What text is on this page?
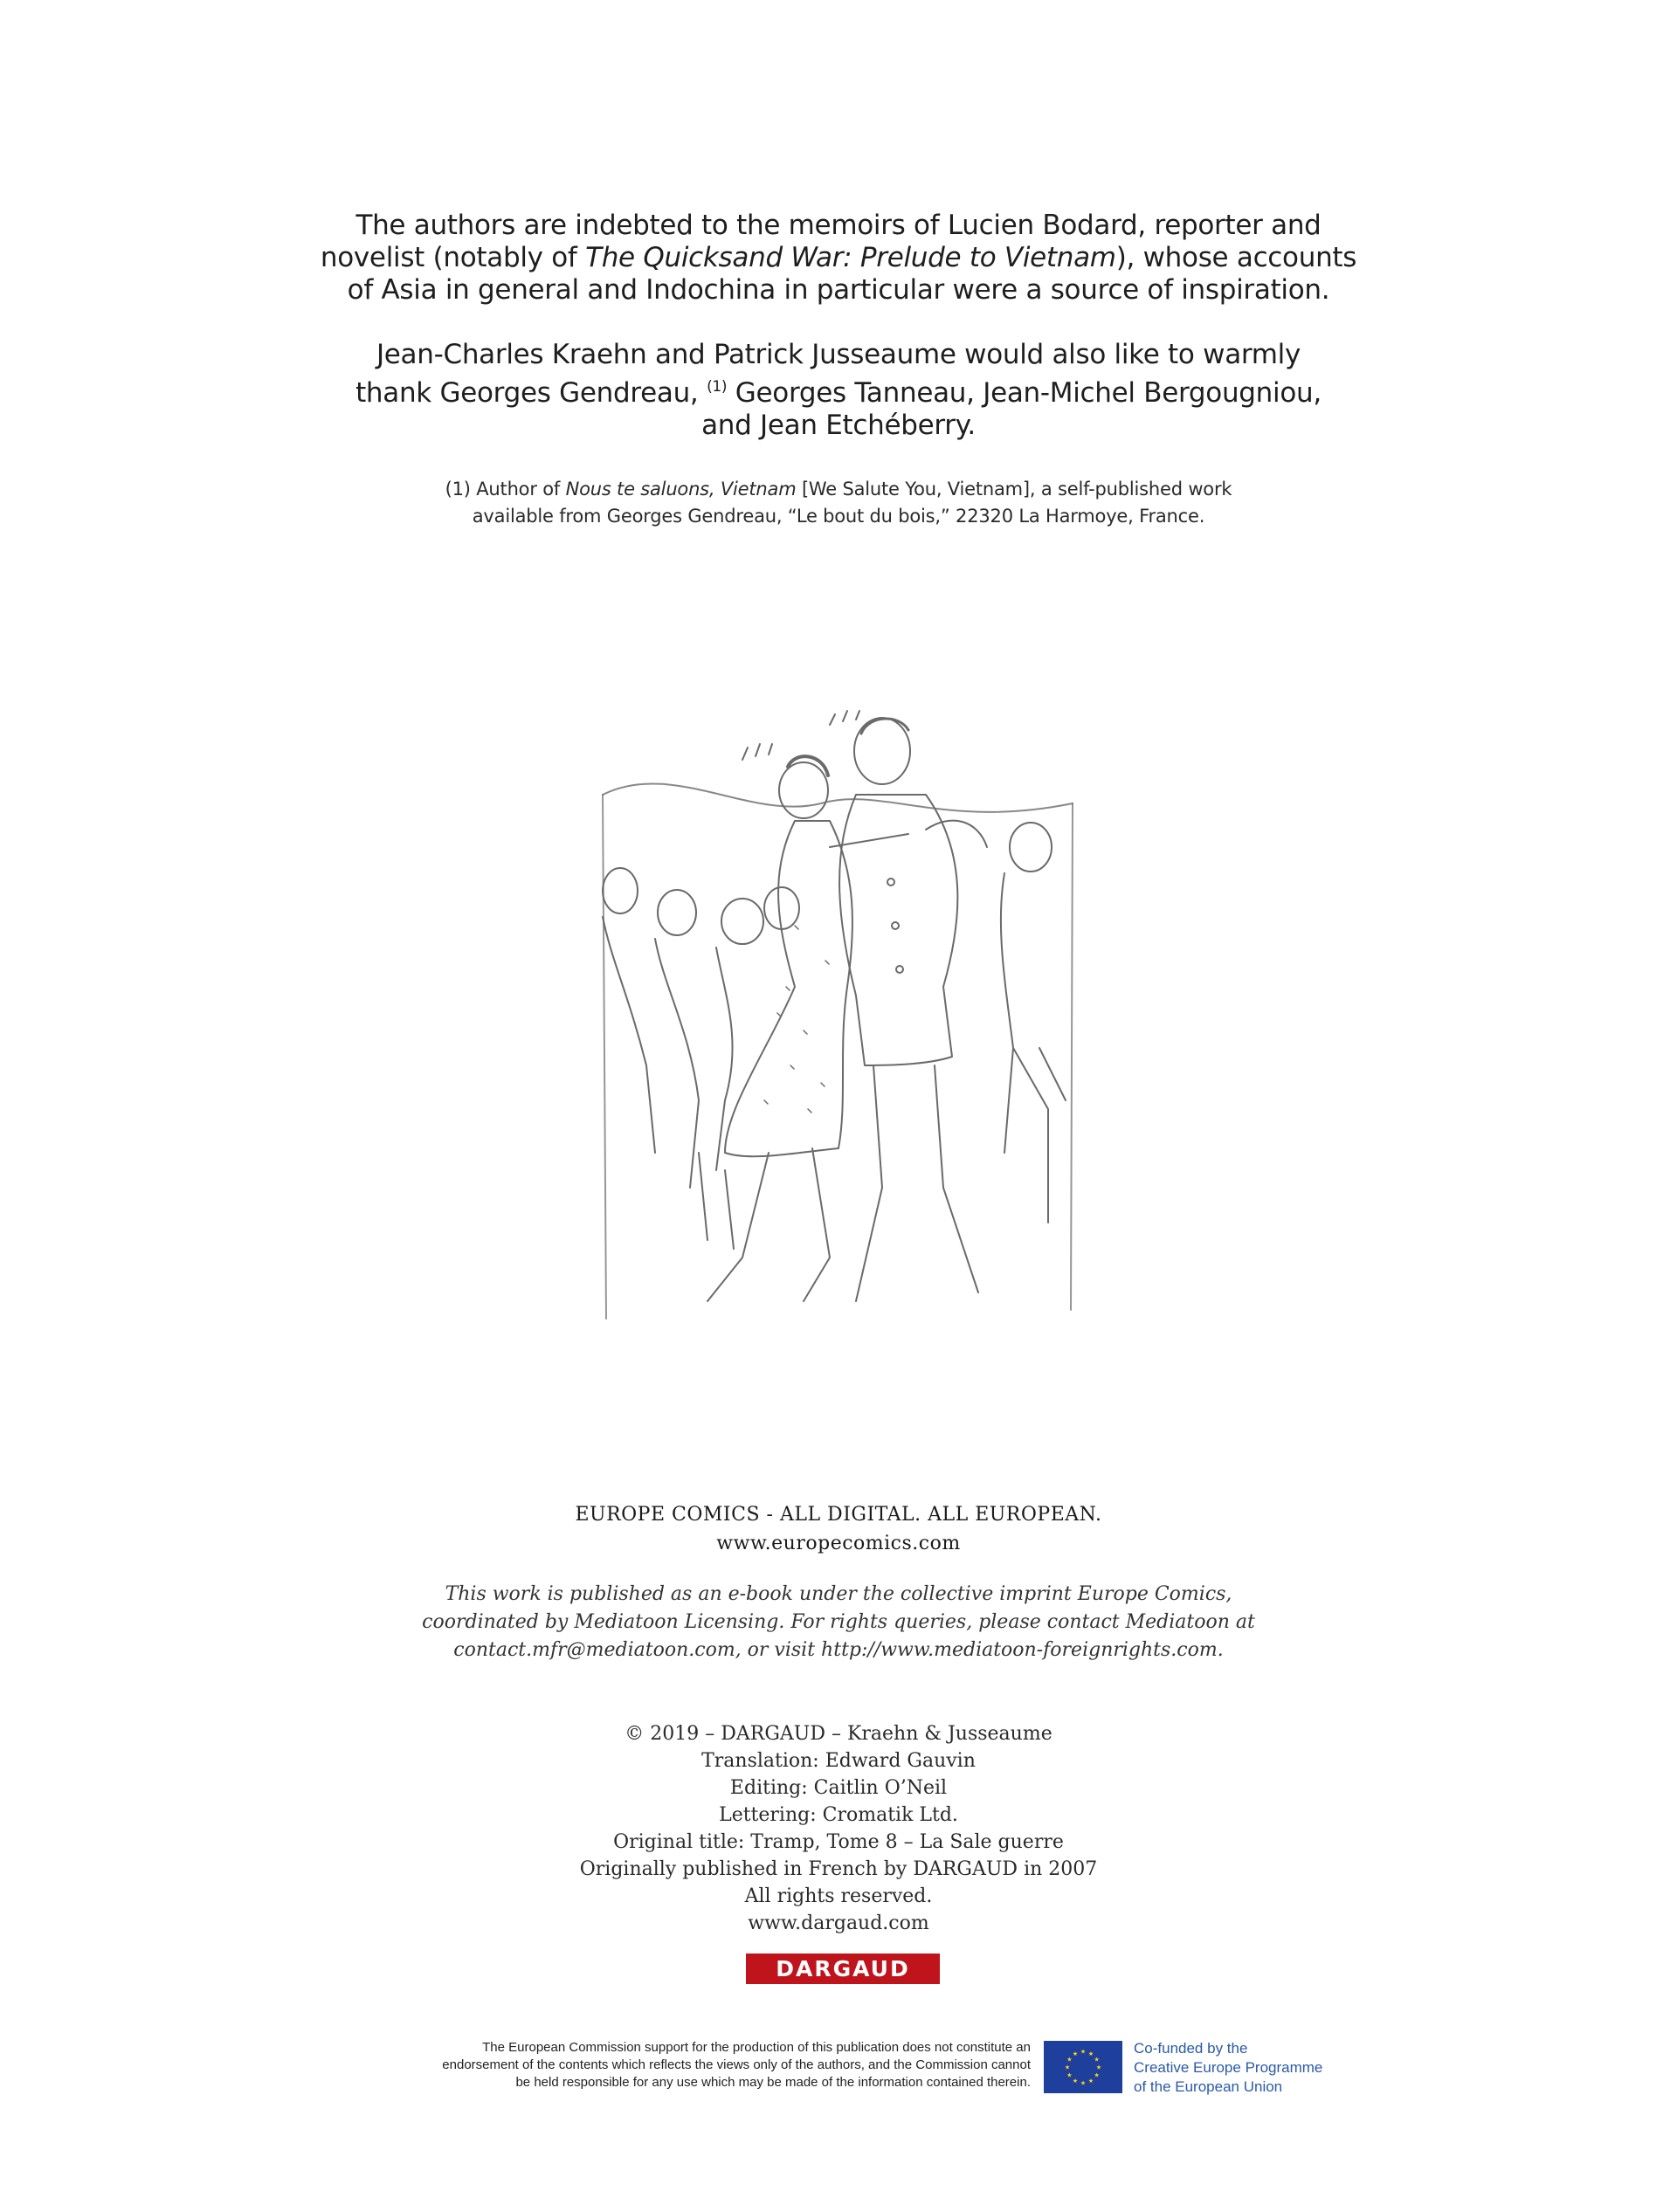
The authors are indebted to the memoirs of Lucien Bodard, reporter and

novelist (notably of The Quicksand War: Prelude to Vietnam), whose accounts

of Asia in general and Indochina in particular were a source of inspiration.

Jean-Charles Kraehn and Patrick Jusseaume would also like to warmly

thank Georges Gendreau, $^{(1)}$ Georges Tanneau, Jean-Michel Bergougniou,

and Jean Etchéberry.

(1) Author of Nous te saluons, Vietnam [We Salute You, Vietnam], a self-published work

available from Georges Gendreau, “Le bout du bois,” 22320 La Harmoye, France.

EUROPE COMICS - ALL DIGITAL. ALL EUROPEAN.

www.europecomics.com

This work is published as an e-book under the collective imprint Europe Comics,

coordinated by Mediatoon Licensing. For rights queries, please contact Mediatoon at

contact.mfr@mediatoon.com, or visit http://www.mediatoon-foreignrights.com.

© 2019 – DARGAUD – Kraehn & Jusseaume

Translation: Edward Gauvin

Editing: Caitlin O’Neil

Lettering: Cromatik Ltd.

Original title: Tramp, Tome 8 – La Sale guerre

Originally published in French by DARGAUD in 2007

All rights reserved.

www.dargaud.com

DARGAUD

The European Commission support for the production of this publication does not constitute an

endorsement of the contents which reflects the views only of the authors, and the Commission cannot

be held responsible for any use which may be made of the information contained therein.

★
★
★
★
★
★
★
★
★ ★ ★
★

Co-funded by the

Creative Europe Programme

of the European Union
